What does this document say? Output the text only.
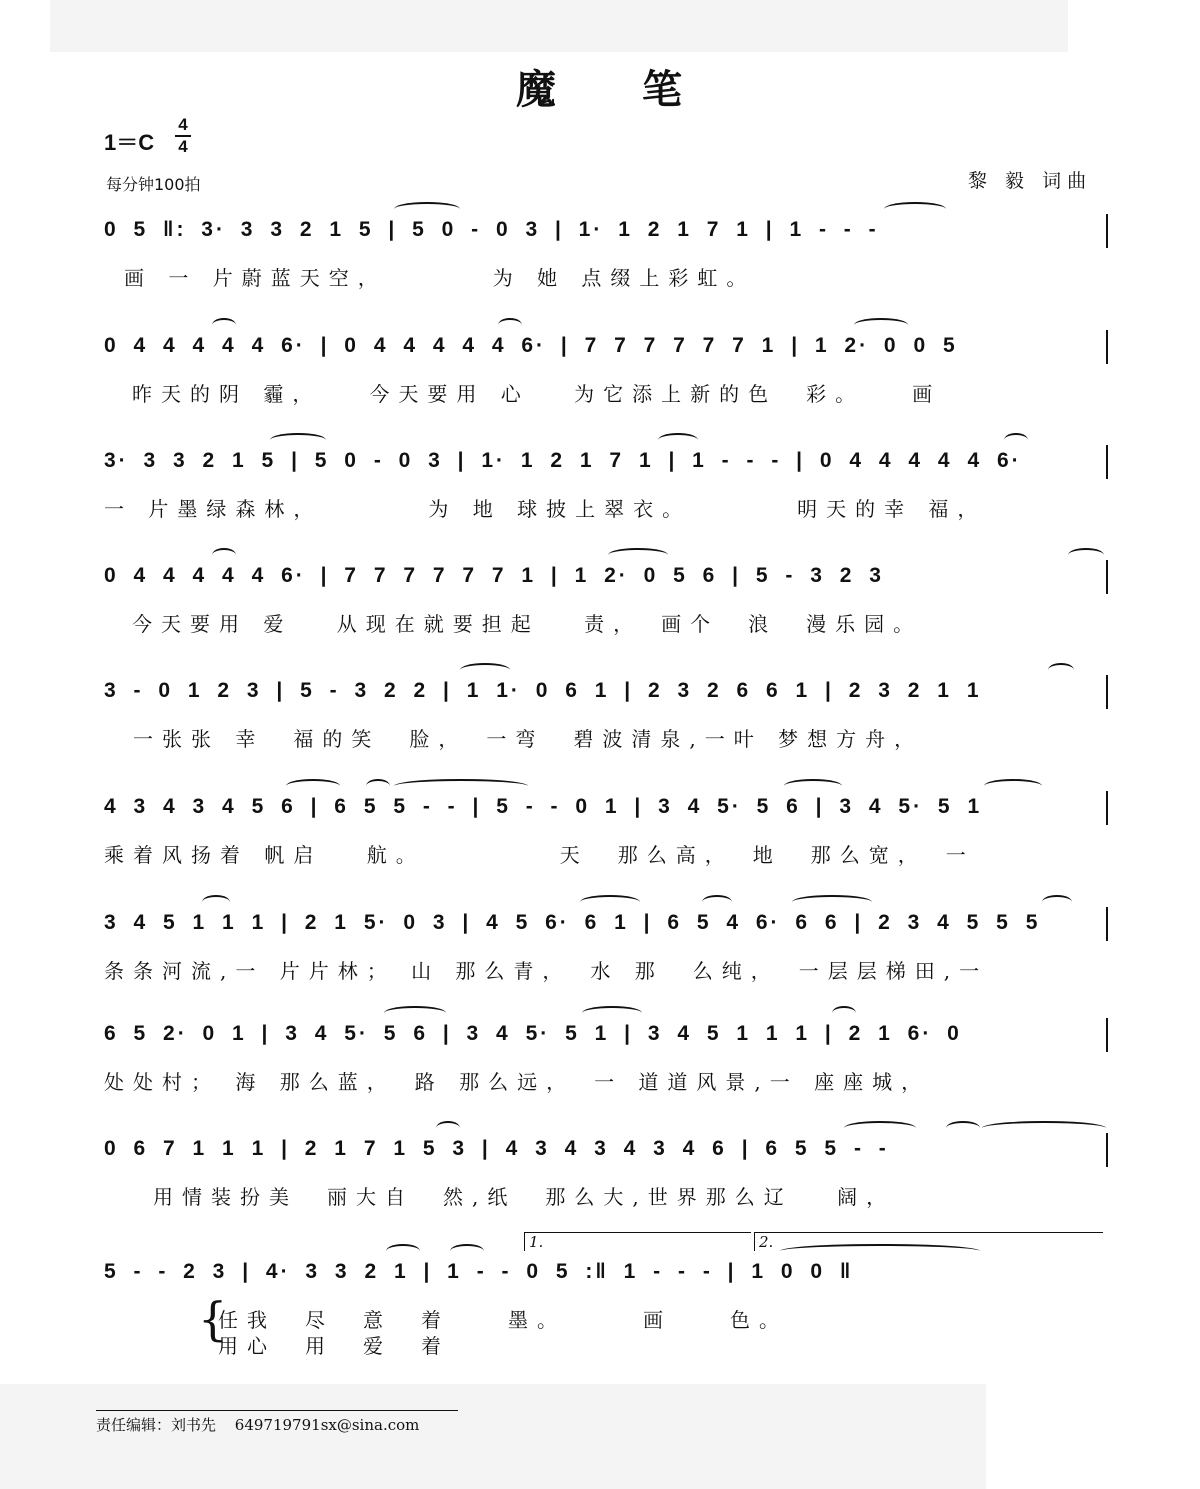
魔　　笔
1＝C
4
4
每分钟100拍	黎 毅 词曲
0 5 ‖: 3· 3 3 2 1 5 | 5 0 - 0 3 | 1· 1 2 1 7 1 | 1 - - -
画 一 片蔚蓝天空，　　　　为 她 点缀上彩虹。
0 4 4 4 4 4 6· | 0 4 4 4 4 4 6· | 7 7 7 7 7 7 1 | 1 2· 0 0 5
昨天的阴 霾，　　今天要用 心　 为它添上新的色　彩。　　画
3· 3 3 2 1 5 | 5 0 - 0 3 | 1· 1 2 1 7 1 | 1 - - - | 0 4 4 4 4 4 6·
一 片墨绿森林，　　　　为 地 球披上翠衣。　　　　明天的幸 福，
0 4 4 4 4 4 6· | 7 7 7 7 7 7 1 | 1 2· 0 5 6 | 5 - 3 2 3
今天要用 爱　 从现在就要担起　 责，　画个　浪　漫乐园。
3 - 0 1 2 3 | 5 - 3 2 2 | 1 1· 0 6 1 | 2 3 2 6 6 1 | 2 3 2 1 1
　一张张 幸　福的笑　脸，　一弯　碧波清泉,一叶 梦想方舟，
4 3 4 3 4 5 6 | 6 5 5 - - | 5 - - 0 1 | 3 4 5· 5 6 | 3 4 5· 5 1
乘着风扬着 帆启　 航。　　　　　天　那么高，　地　那么宽，　一
3 4 5 1 1 1 | 2 1 5· 0 3 | 4 5 6· 6 1 | 6 5 4 6· 6 6 | 2 3 4 5 5 5
条条河流,一 片片林； 山 那么青，　水 那　么纯，　一层层梯田,一
6 5 2· 0 1 | 3 4 5· 5 6 | 3 4 5· 5 1 | 3 4 5 1 1 1 | 2 1 6· 0
处处村； 海 那么蓝，　路 那么远，　一 道道风景,一 座座城，
0 6 7 1 1 1 | 2 1 7 1 5 3 | 4 3 4 3 4 3 4 6 | 6 5 5 - -
　用情装扮美　丽大自　然,纸　那么大,世界那么辽　 阔，
1.	2.
5 - - 2 3 | 4· 3 3 2 1 | 1 - - 0 5 :‖ 1 - - - | 1 0 0 ‖
任我　尽　意　着　　墨。　　　画　　色。
{
用心　用　爱　着
责任编辑：刘书先 649719791sx@sina.com
